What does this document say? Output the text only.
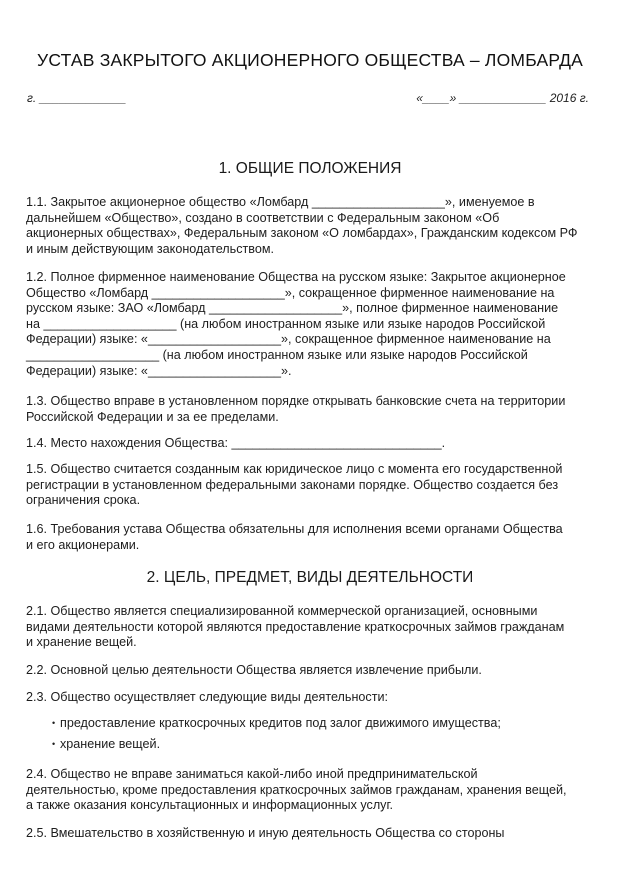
УСТАВ ЗАКРЫТОГО АКЦИОНЕРНОГО ОБЩЕСТВА – ЛОМБАРДА
г. _____________	«____» _____________ 2016 г.
1. ОБЩИЕ ПОЛОЖЕНИЯ
1.1. Закрытое акционерное общество «Ломбард ___________________», именуемое в
дальнейшем «Общество», создано в соответствии с Федеральным законом «Об
акционерных обществах», Федеральным законом «О ломбардах», Гражданским кодексом РФ
и иным действующим законодательством.
1.2. Полное фирменное наименование Общества на русском языке: Закрытое акционерное
Общество «Ломбард ___________________», сокращенное фирменное наименование на
русском языке: ЗАО «Ломбард ___________________», полное фирменное наименование
на ___________________ (на любом иностранном языке или языке народов Российской
Федерации) языке: «___________________», сокращенное фирменное наименование на
___________________ (на любом иностранном языке или языке народов Российской
Федерации) языке: «___________________».
1.3. Общество вправе в установленном порядке открывать банковские счета на территории
Российской Федерации и за ее пределами.
1.4. Место нахождения Общества: ______________________________.
1.5. Общество считается созданным как юридическое лицо с момента его государственной
регистрации в установленном федеральными законами порядке. Общество создается без
ограничения срока.
1.6. Требования устава Общества обязательны для исполнения всеми органами Общества
и его акционерами.
2. ЦЕЛЬ, ПРЕДМЕТ, ВИДЫ ДЕЯТЕЛЬНОСТИ
2.1. Общество является специализированной коммерческой организацией, основными
видами деятельности которой являются предоставление краткосрочных займов гражданам
и хранение вещей.
2.2. Основной целью деятельности Общества является извлечение прибыли.
2.3. Общество осуществляет следующие виды деятельности:
• предоставление краткосрочных кредитов под залог движимого имущества;
• хранение вещей.
2.4. Общество не вправе заниматься какой-либо иной предпринимательской
деятельностью, кроме предоставления краткосрочных займов гражданам, хранения вещей,
а также оказания консультационных и информационных услуг.
2.5. Вмешательство в хозяйственную и иную деятельность Общества со стороны
